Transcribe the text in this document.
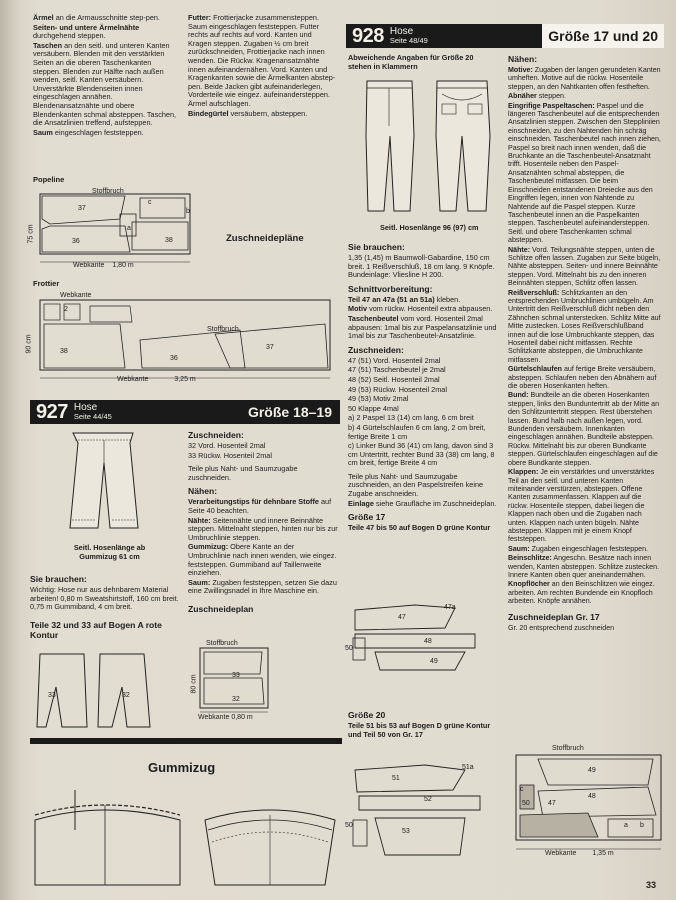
Ärmel an die Armausschnitte step-pen.

Seiten- und untere Ärmelnähte durchgehend steppen.

Taschen an den seitl. und unteren Kanten versäubern. Blenden mit den verstärkten Seiten an die oberen Taschenkanten steppen. Blenden zur Hälfte nach außen wenden, seitl. Kanten versäubern. Unverstärkte Blendenseiten innen eingeschlagen annähen. Blendenansatznähte und obere Blendenkanten schmal absteppen. Taschen, die Ansatzlinien treffend, aufsteppen.

Saum eingeschlagen feststeppen.

Futter: Frottierjacke zusammensteppen. Saum eingeschlagen feststeppen. Futter rechts auf rechts auf vord. Kanten und Kragen steppen. Zugaben ½ cm breit zurückschneiden, Frottierjacke nach innen wenden. Die Rückw. Kragenansatznähte innen aufeinandernähen. Vord. Kanten und Kragenkanten sowie die Ärmelkanten abstep-pen. Beide Jacken gibt aufeinanderlegen, Vorderteile wie eingez. aufeinandersteppen. Ärmel aufschlagen.

Bindegürtel versäubern, absteppen.

Popeline
Stoffbruch
37
c
b
a
36	38
75 cm
Webkante 1,80 m
Zuschneidepläne
Frottier
Webkante
2
Stoffbruch
38
36
37
90 cm
Webkante	3,25 m
927 Hose
Seite 44/45	Größe 18–19
Seitl. Hosenlänge ab Gummizug 61 cm
Sie brauchen:

Wichtig: Hose nur aus dehnbarem Material arbeiten! 0,80 m Sweatshirtstoff, 160 cm breit. 0,75 m Gummiband, 4 cm breit.

Teile 32 und 33 auf Bogen A rote Kontur
33	32
Zuschneiden:

32 Vord. Hosenteil 2mal

33 Rückw. Hosenteil 2mal

Teile plus Naht- und Saumzugabe zuschneiden.

Nähen:

Verarbeitungstips für dehnbare Stoffe auf Seite 40 beachten.

Nähte: Seitennähte und innere Beinnähte steppen. Mittelnaht steppen, hinten nur bis zur Umbruchlinie steppen.

Gummizug: Obere Kante an der Umbruchlinie nach innen wenden, wie eingez. feststeppen. Gummiband auf Taillenweite einziehen.

Saum: Zugaben feststeppen, setzen Sie dazu eine Zwillingsnadel in Ihre Maschine ein.

Zuschneideplan
Stoffbruch
33
32
80 cm
Webkante 0,80 m
Gummizug
928 Hose
Seite 48/49	Größe 17 und 20
Abweichende Angaben für Größe 20 stehen in Klammern
Seitl. Hosenlänge 96 (97) cm
Sie brauchen:

1,35 (1,45) m Baumwoll-Gabardine, 150 cm breit. 1 Reißverschluß, 18 cm lang. 9 Knöpfe. Bundeinlage: Vliesline H 200.

Schnittvorbereitung:

Teil 47 an 47a (51 an 51a) kleben.

Motiv vom rückw. Hosenteil extra abpausen.

Taschenbeutel vom vord. Hosenteil 2mal abpausen: 1mal bis zur Paspelansatzlinie und 1mal bis zur Taschenbeutel-Ansatzlinie.

Zuschneiden:

47 (51) Vord. Hosenteil 2mal

47 (51) Taschenbeutel je 2mal

48 (52) Seitl. Hosenteil 2mal

49 (53) Rückw. Hosenteil 2mal

49 (53) Motiv 2mal

50 Klappe 4mal

a) 2 Paspel 13 (14) cm lang, 6 cm breit

b) 4 Gürtelschlaufen 6 cm lang, 2 cm breit, fertige Breite 1 cm

c) Linker Bund 36 (41) cm lang, davon sind 3 cm Untertritt, rechter Bund 33 (38) cm lang, 8 cm breit, fertige Breite 4 cm

Teile plus Naht- und Saumzugabe zuschneiden, an den Paspelstreifen keine Zugabe anschneiden.

Einlage siehe Graufläche im Zuschneideplan.

Größe 17

Teile 47 bis 50 auf Bogen D grüne Kontur

47
47a
48
50
49
Größe 20

Teile 51 bis 53 auf Bogen D grüne Kontur und Teil 50 von Gr. 17

51
51a
52
50
53
Nähen:

Motive: Zugaben der langen gerundeten Kanten umheften. Motive auf die rückw. Hosenteile steppen, an den Nahtkanten offen festheften.

Abnäher steppen.

Eingrifige Paspeltaschen: Paspel und die längeren Taschenbeutel auf die entsprechenden Ansatzlinien steppen. Zwischen den Steppliniien einschneiden, zu den Nahtenden hin schräg einschneiden. Taschenbeutel nach innen ziehen, Paspel so breit nach innen wenden, daß die Bruchkante an die Taschenbeutel-Ansatznaht trifft. Hosenteile neben den Paspel-Ansatznähten schmal absteppen, die Taschenbeutel mitfassen. Die beim Einschneiden entstandenen Dreiecke aus den Eingriffen legen, innen von Nahtende zu Nahtende auf die Paspel steppen. Kurze Taschenbeutel innen an die Paspelkanten steppen. Taschenbeutel aufeinandersteppen. Seitl. und obere Taschenkanten schmal absteppen.

Nähte: Vord. Teilungsnähte steppen, unten die Schlitze offen lassen. Zugaben zur Seite bügeln, Nähte absteppen. Seiten- und innere Beinnähte steppen. Vord. Mittelnaht bis zu den inneren Beinnähten steppen, Schlitz offen lassen.

Reißverschluß: Schlitzkanten an den entsprechenden Umbruchlinien umbügeln. Am Untertritt den Reißverschluß dicht neben den Zähnchen schmal unterstecken. Schlitz Mitte auf Mitte zustecken. Loses Reißverschlußband innen auf die lose Umbruchkante steppen, das Hosenteil dabei nicht mitfassen. Rechte Schlitzkante absteppen, die Umbruchkante mitfassen.

Gürtelschlaufen auf fertige Breite versäubern, absteppen. Schlaufen neben den Abnähern auf die oberen Hosenkanten heften.

Bund: Bundteile an die oberen Hosenkanten steppen, links den Bunduntertritt ab der Mitte an den Schlitzuntertritt steppen. Rest überstehen lassen. Bund halb nach außen legen, vord. Bundenden versäubern. Innenkanten eingeschlagen annähen. Bundteile absteppen. Rückw. Mittelnaht bis zur oberen Bundkante steppen. Gürtelschlaufen eingeschlagen auf die obere Bundkante steppen.

Klappen: Je ein verstärktes und unverstärktes Teil an den seitl. und unteren Kanten miteinander verstürzen, absteppen. Offene Kanten zusammenfassen. Klappen auf die rückw. Hosenteile steppen, dabei liegen die Klappen nach oben und die Zugaben nach unten. Klappen nach unten bügeln. Nähte absteppen. Klappen mit je einem Knopf feststeppen.

Saum: Zugaben eingeschlagen feststeppen.

Beinschlitze: Angeschn. Besätze nach innen wenden, Kanten absteppen. Schlitze zustecken. Innere Kanten oben quer aneinandernähen.

Knopflöcher an den Beinschlitzen wie eingez. arbeiten. Am rechten Bundende ein Knopfloch arbeiten. Knöpfe annähen.

Zuschneideplan Gr. 17

Gr. 20 entsprechend zuschneiden

Stoffbruch
49
48
47
50
c
a b
Webkante 1,35 m
33
